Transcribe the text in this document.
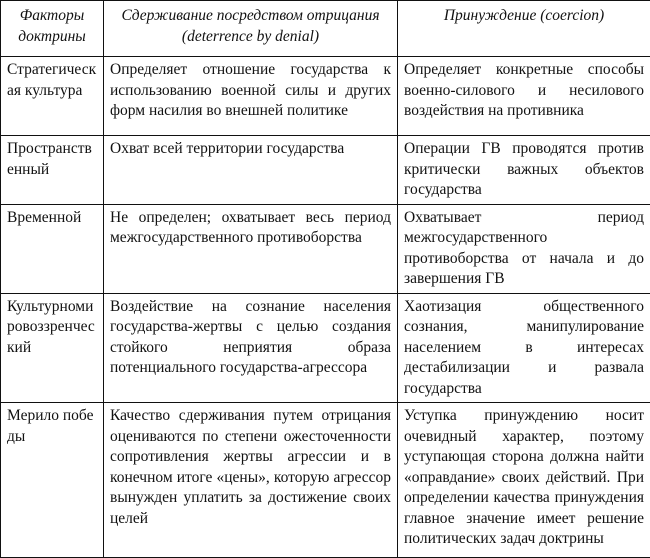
Факторы доктрины	Сдерживание посредством отрицания (deterrence by denial)	Принуждение (coercion)
Стратегическая культура	Определяет отношение государства к использованию военной силы и других форм насилия во внешней политике	Определяет конкретные способы военно-силового и несилового воздействия на противника
Пространственный	Охват всей территории государства	Операции ГВ проводятся против критически важных объектов государства
Временной	Не определен; охватывает весь период межгосударственного противоборства	Охватывает период межгосударственного противоборства от начала и до завершения ГВ
Культурномировоззренческий	Воздействие на сознание населения государства-жертвы с целью создания стойкого неприятия образа потенциального государства-агрессора	Хаотизация общественного сознания, манипулирование населением в интересах дестабилизации и развала государства
Мерило победы	Качество сдерживания путем отрицания оцениваются по степени ожесточенности сопротивления жертвы агрессии и в конечном итоге «цены», которую агрессор вынужден уплатить за достижение своих целей	Уступка принуждению носит очевидный характер, поэтому уступающая сторона должна найти «оправдание» своих действий. При определении качества принуждения главное значение имеет решение политических задач доктрины
